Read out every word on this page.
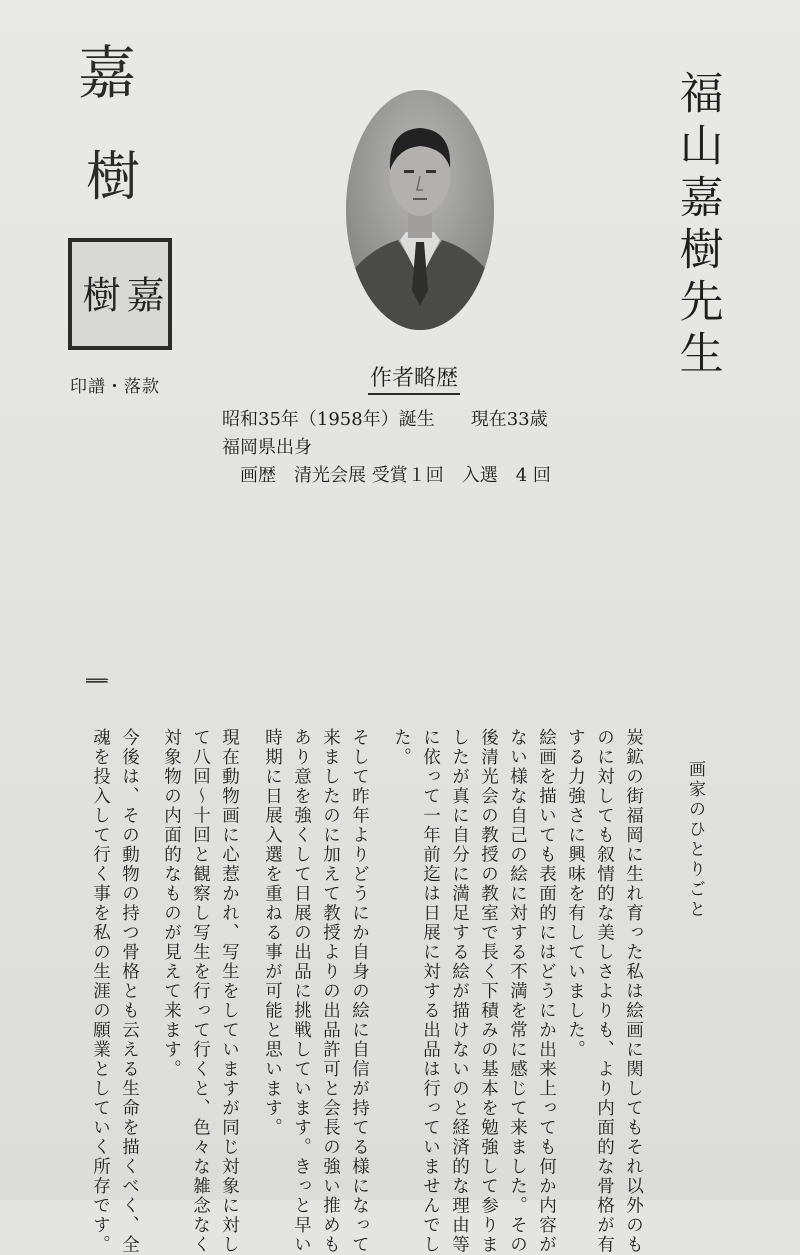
嘉
樹
樹 嘉
印譜・落款
福山嘉樹先生
作者略歴
昭和35年（1958年）誕生　　現在33歳
福岡県出身
画歴　清光会展 受賞１回　入選　4 回
ꩰꩰꩰꩰꩰꩰꩰꩰꩰꩰꩰꩰꩰꩰꩰꩰꩰꩰꩰꩰꩰꩰꩰꩰꩰꩰꩰꩰꩰꩰꩰꩰꩰꩰꩰꩰꩰꩰꩰꩰꩰꩰꩰꩰꩰꩰꩰꩰ
画家のひとりごと
炭鉱の街福岡に生れ育った私は絵画に関してもそれ以外のも
のに対しても叙情的な美しさよりも、より内面的な骨格が有
する力強さに興味を有していました。
絵画を描いても表面的にはどうにか出来上っても何か内容が
ない様な自己の絵に対する不満を常に感じて来ました。その
後清光会の教授の教室で長く下積みの基本を勉強して参りま
したが真に自分に満足する絵が描けないのと経済的な理由等
に依って一年前迄は日展に対する出品は行っていませんでし
た。
そして昨年よりどうにか自身の絵に自信が持てる様になって
来ましたのに加えて教授よりの出品許可と会長の強い推めも
あり意を強くして日展の出品に挑戦しています。きっと早い
時期に日展入選を重ねる事が可能と思います。
現在動物画に心惹かれ、写生をしていますが同じ対象に対し
て八回～十回と観察し写生を行って行くと、色々な雑念なく
対象物の内面的なものが見えて来ます。
今後は、その動物の持つ骨格とも云える生命を描くべく、全
魂を投入して行く事を私の生涯の願業としていく所存です。
